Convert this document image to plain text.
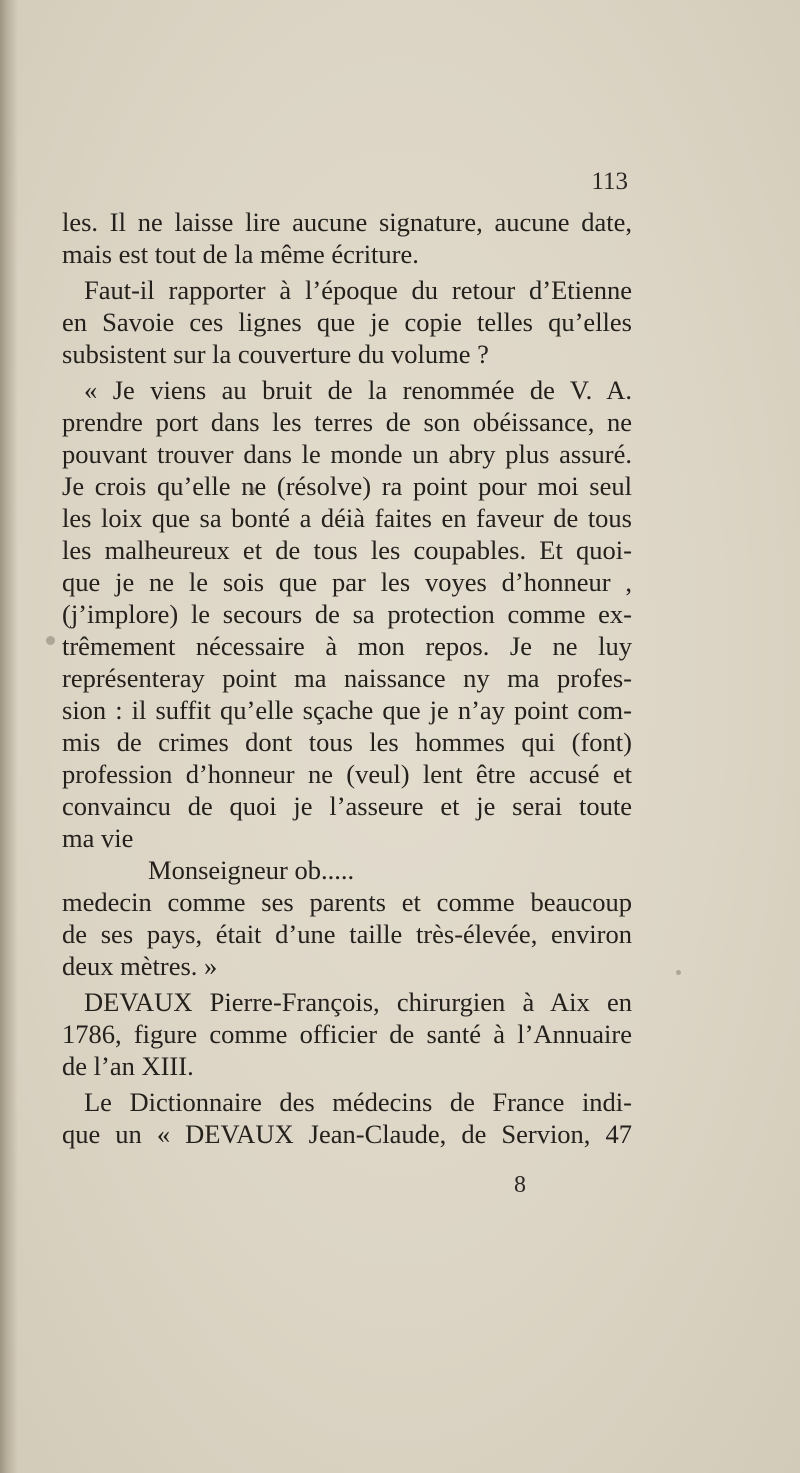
113

les. Il ne laisse lire aucune signature, aucune date,
mais est tout de la même écriture.
Faut-il rapporter à l’époque du retour d’Etienne
en Savoie ces lignes que je copie telles qu’elles
subsistent sur la couverture du volume ?
« Je viens au bruit de la renommée de V. A.
prendre port dans les terres de son obéissance, ne
pouvant trouver dans le monde un abry plus assuré.
Je crois qu’elle ne (résolve) ra point pour moi seul
les loix que sa bonté a déià faites en faveur de tous
les malheureux et de tous les coupables. Et quoi-
que je ne le sois que par les voyes d’honneur ,
(j’implore) le secours de sa protection comme ex-
trêmement nécessaire à mon repos. Je ne luy
représenteray point ma naissance ny ma profes-
sion : il suffit qu’elle sçache que je n’ay point com-
mis de crimes dont tous les hommes qui (font)
profession d’honneur ne (veul) lent être accusé et
convaincu de quoi je l’asseure et je serai toute
ma vie
Monseigneur ob.....
medecin comme ses parents et comme beaucoup
de ses pays, était d’une taille très-élevée, environ
deux mètres. »
DEVAUX Pierre-François, chirurgien à Aix en
1786, figure comme officier de santé à l’Annuaire
de l’an XIII.
Le Dictionnaire des médecins de France indi-
que un « DEVAUX Jean-Claude, de Servion, 47

8
